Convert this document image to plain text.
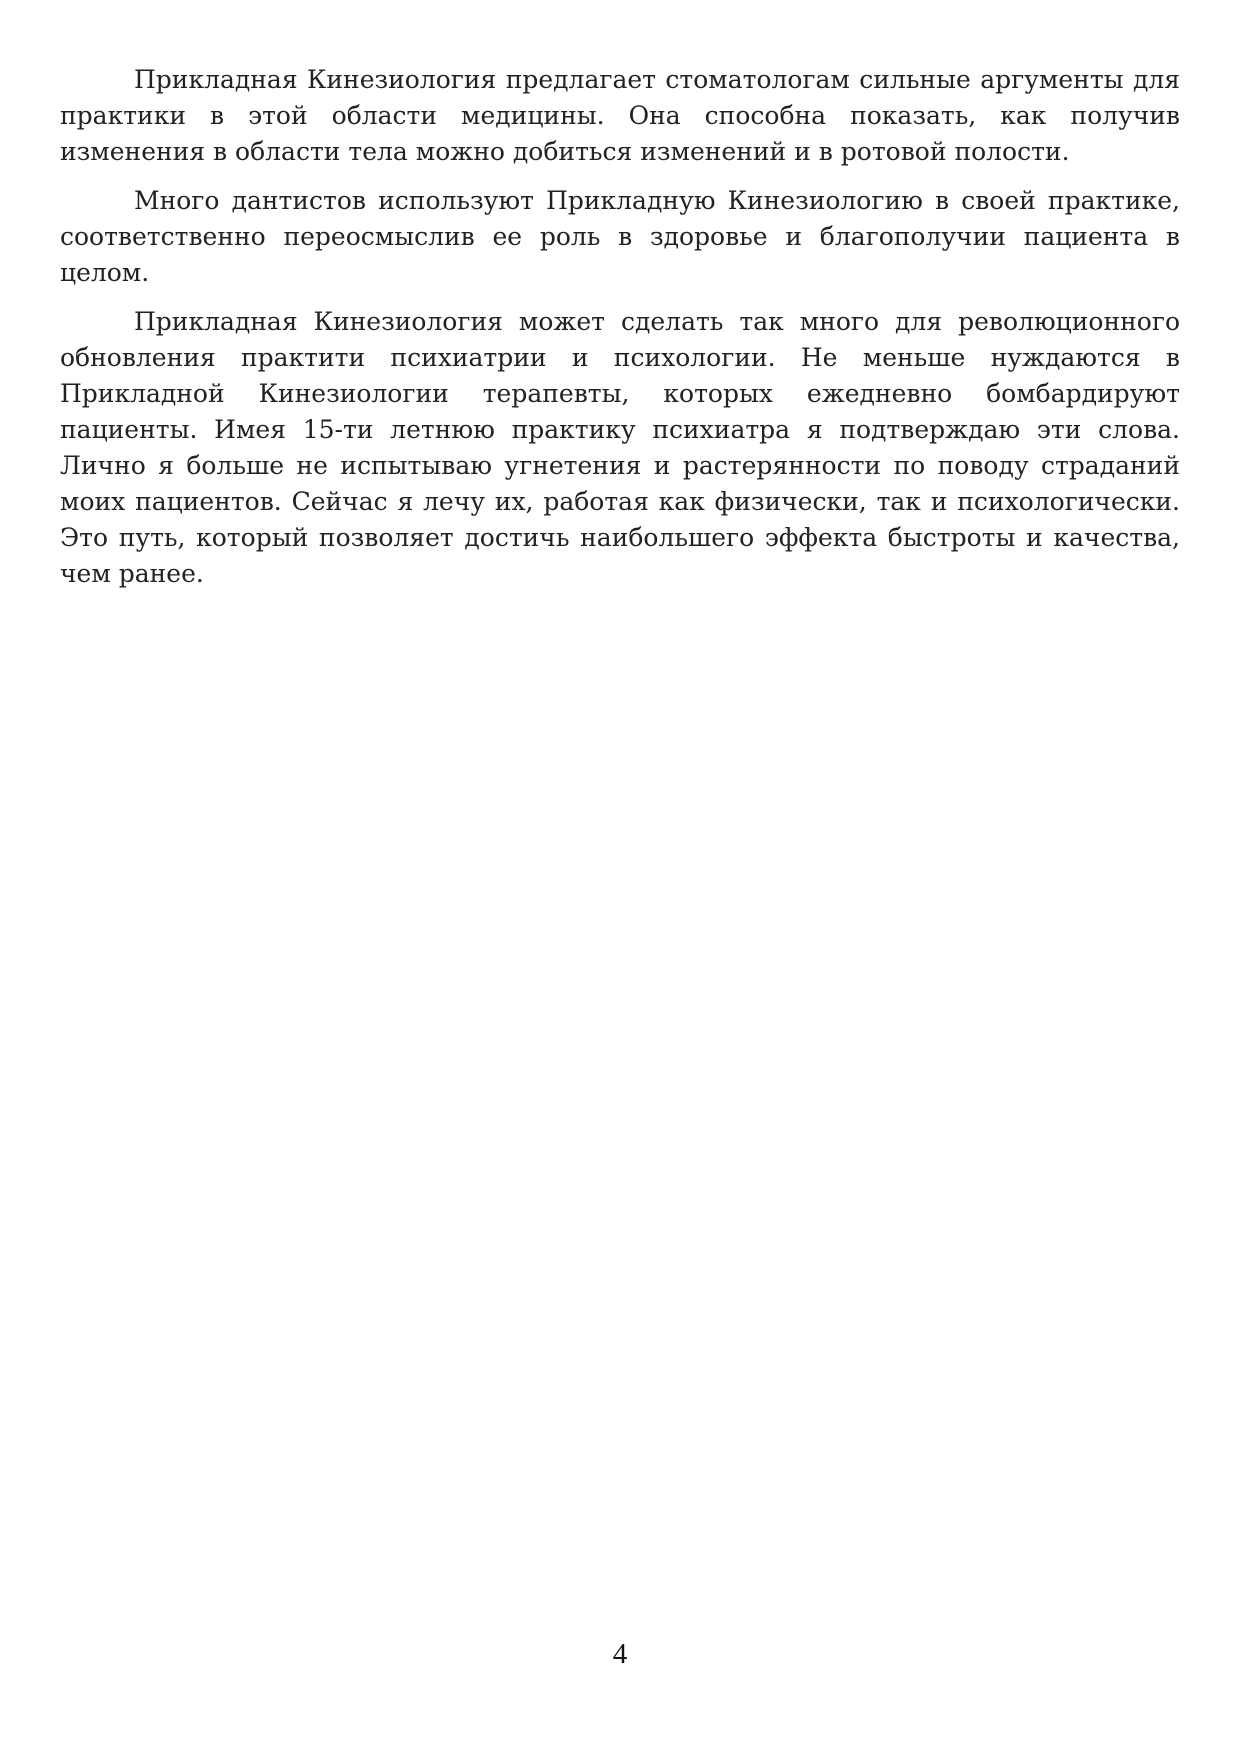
Прикладная Кинезиология предлагает стоматологам сильные аргументы для практики в этой области медицины. Она способна показать, как получив изменения в области тела можно добиться изменений и в ротовой полости.

Много дантистов используют Прикладную Кинезиологию в своей практике, соответственно переосмыслив ее роль в здоровье и благополучии пациента в целом.

Прикладная Кинезиология может сделать так много для революционного обновления практити психиатрии и психологии. Не меньше нуждаются в Прикладной Кинезиологии терапевты, которых ежедневно бомбардируют пациенты. Имея 15-ти летнюю практику психиатра я подтверждаю эти слова. Лично я больше не испытываю угнетения и растерянности по поводу страданий моих пациентов. Сейчас я лечу их, работая как физически, так и психологически. Это путь, который позволяет достичь наибольшего эффекта быстроты и качества, чем ранее.

4
